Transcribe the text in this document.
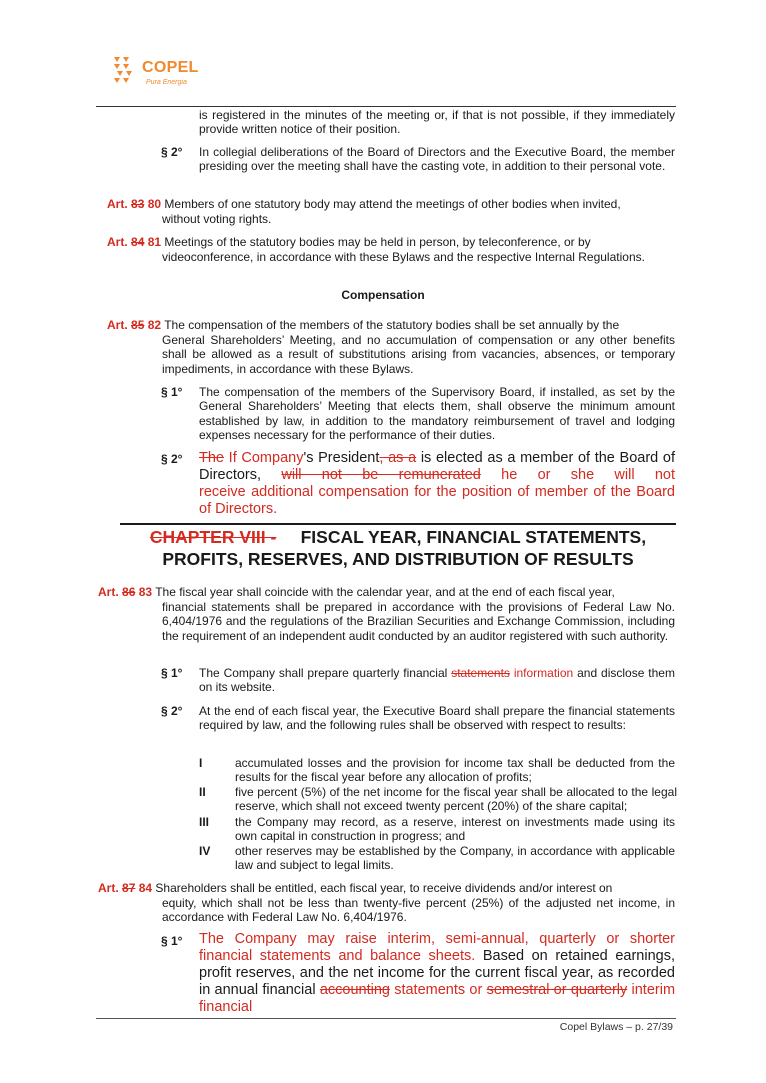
COPEL
Pura Energia
is registered in the minutes of the meeting or, if that is not possible, if they immediately provide written notice of their position.
§ 2° In collegial deliberations of the Board of Directors and the Executive Board, the member presiding over the meeting shall have the casting vote, in addition to their personal vote.
Art. 83 80 Members of one statutory body may attend the meetings of other bodies when invited,
without voting rights.
Art. 84 81 Meetings of the statutory bodies may be held in person, by teleconference, or by
videoconference, in accordance with these Bylaws and the respective Internal Regulations.
Compensation
Art. 85 82 The compensation of the members of the statutory bodies shall be set annually by the
General Shareholders’ Meeting, and no accumulation of compensation or any other benefits shall be allowed as a result of substitutions arising from vacancies, absences, or temporary impediments, in accordance with these Bylaws.
§ 1° The compensation of the members of the Supervisory Board, if installed, as set by the General Shareholders’ Meeting that elects them, shall observe the minimum amount established by law, in addition to the mandatory reimbursement of travel and lodging expenses necessary for the performance of their duties.
§ 2° The If Company's President, as a is elected as a member of the Board of
Directors, will not be remunerated he or she will not
receive additional compensation for the position of member of the Board of Directors.
CHAPTER VIII - FISCAL YEAR, FINANCIAL STATEMENTS,
PROFITS, RESERVES, AND DISTRIBUTION OF RESULTS
Art. 86 83 The fiscal year shall coincide with the calendar year, and at the end of each fiscal year,
financial statements shall be prepared in accordance with the provisions of Federal Law No. 6,404/1976 and the regulations of the Brazilian Securities and Exchange Commission, including the requirement of an independent audit conducted by an auditor registered with such authority.
§ 1° The Company shall prepare quarterly financial statements information and disclose them on its website.
§ 2° At the end of each fiscal year, the Executive Board shall prepare the financial statements required by law, and the following rules shall be observed with respect to results:
I	accumulated losses and the provision for income tax shall be deducted from the results for the fiscal year before any allocation of profits;
II five percent (5%) of the net income for the fiscal year shall be allocated to the legal reserve, which shall not exceed twenty percent (20%) of the share capital;
III the Company may record, as a reserve, interest on investments made using its own capital in construction in progress; and
IV other reserves may be established by the Company, in accordance with applicable law and subject to legal limits.
Art. 87 84 Shareholders shall be entitled, each fiscal year, to receive dividends and/or interest on
equity, which shall not be less than twenty-five percent (25%) of the adjusted net income, in accordance with Federal Law No. 6,404/1976.
§ 1° The Company may raise interim, semi-annual, quarterly or shorter financial statements and balance sheets. Based on retained earnings, profit reserves, and the net income for the current fiscal year, as recorded in annual financial accounting statements or semestral or quarterly interim financial
Copel Bylaws – p. 27/39
